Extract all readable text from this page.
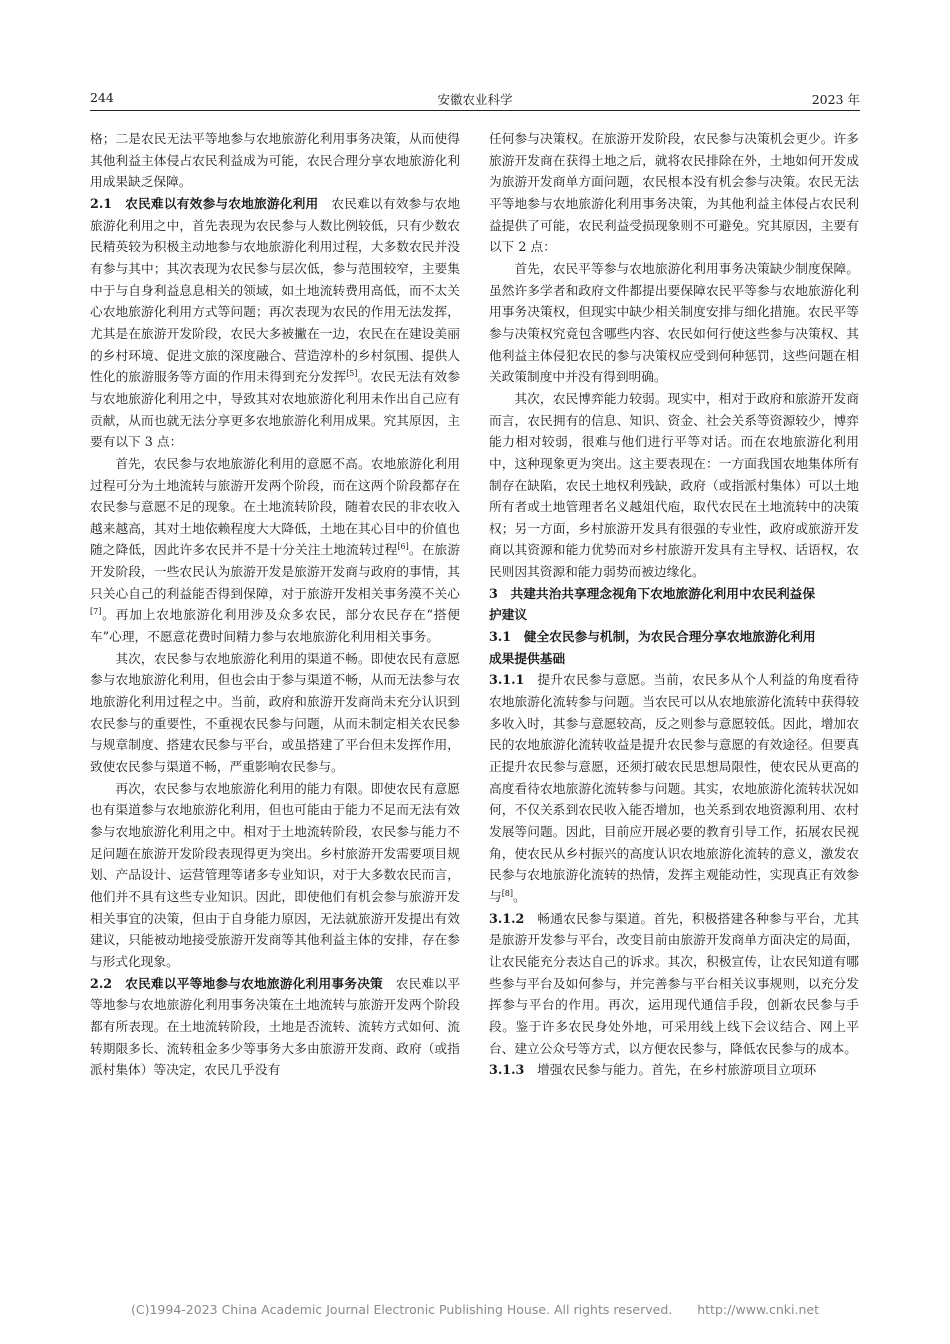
244	安徽农业科学	2023 年

格；二是农民无法平等地参与农地旅游化利用事务决策，从而使得其他利益主体侵占农民利益成为可能，农民合理分享农地旅游化利用成果缺乏保障。

2.1　农民难以有效参与农地旅游化利用　农民难以有效参与农地旅游化利用之中，首先表现为农民参与人数比例较低，只有少数农民精英较为积极主动地参与农地旅游化利用过程，大多数农民并没有参与其中；其次表现为农民参与层次低，参与范围较窄，主要集中于与自身利益息息相关的领域，如土地流转费用高低，而不太关心农地旅游化利用方式等问题；再次表现为农民的作用无法发挥，尤其是在旅游开发阶段，农民大多被撇在一边，农民在在建设美丽的乡村环境、促进文旅的深度融合、营造淳朴的乡村氛围、提供人性化的旅游服务等方面的作用未得到充分发挥[5]。农民无法有效参与农地旅游化利用之中，导致其对农地旅游化利用未作出自己应有贡献，从而也就无法分享更多农地旅游化利用成果。究其原因，主要有以下 3 点：

首先，农民参与农地旅游化利用的意愿不高。农地旅游化利用过程可分为土地流转与旅游开发两个阶段，而在这两个阶段都存在农民参与意愿不足的现象。在土地流转阶段，随着农民的非农收入越来越高，其对土地依赖程度大大降低，土地在其心目中的价值也随之降低，因此许多农民并不是十分关注土地流转过程[6]。在旅游开发阶段，一些农民认为旅游开发是旅游开发商与政府的事情，其只关心自己的利益能否得到保障，对于旅游开发相关事务漠不关心[7]。再加上农地旅游化利用涉及众多农民，部分农民存在“搭便车”心理，不愿意花费时间精力参与农地旅游化利用相关事务。

其次，农民参与农地旅游化利用的渠道不畅。即使农民有意愿参与农地旅游化利用，但也会由于参与渠道不畅，从而无法参与农地旅游化利用过程之中。当前，政府和旅游开发商尚未充分认识到农民参与的重要性，不重视农民参与问题，从而未制定相关农民参与规章制度、搭建农民参与平台，或虽搭建了平台但未发挥作用，致使农民参与渠道不畅，严重影响农民参与。

再次，农民参与农地旅游化利用的能力有限。即使农民有意愿也有渠道参与农地旅游化利用，但也可能由于能力不足而无法有效参与农地旅游化利用之中。相对于土地流转阶段，农民参与能力不足问题在旅游开发阶段表现得更为突出。乡村旅游开发需要项目规划、产品设计、运营管理等诸多专业知识，对于大多数农民而言，他们并不具有这些专业知识。因此，即使他们有机会参与旅游开发相关事宜的决策，但由于自身能力原因，无法就旅游开发提出有效建议，只能被动地接受旅游开发商等其他利益主体的安排，存在参与形式化现象。

2.2　农民难以平等地参与农地旅游化利用事务决策　农民难以平等地参与农地旅游化利用事务决策在土地流转与旅游开发两个阶段都有所表现。在土地流转阶段，土地是否流转、流转方式如何、流转期限多长、流转租金多少等事务大多由旅游开发商、政府（或指派村集体）等决定，农民几乎没有

任何参与决策权。在旅游开发阶段，农民参与决策机会更少。许多旅游开发商在获得土地之后，就将农民排除在外，土地如何开发成为旅游开发商单方面问题，农民根本没有机会参与决策。农民无法平等地参与农地旅游化利用事务决策，为其他利益主体侵占农民利益提供了可能，农民利益受损现象则不可避免。究其原因，主要有以下 2 点：

首先，农民平等参与农地旅游化利用事务决策缺少制度保障。虽然许多学者和政府文件都提出要保障农民平等参与农地旅游化利用事务决策权，但现实中缺少相关制度安排与细化措施。农民平等参与决策权究竟包含哪些内容、农民如何行使这些参与决策权、其他利益主体侵犯农民的参与决策权应受到何种惩罚，这些问题在相关政策制度中并没有得到明确。

其次，农民博弈能力较弱。现实中，相对于政府和旅游开发商而言，农民拥有的信息、知识、资金、社会关系等资源较少，博弈能力相对较弱，很难与他们进行平等对话。而在农地旅游化利用中，这种现象更为突出。这主要表现在：一方面我国农地集体所有制存在缺陷，农民土地权利残缺，政府（或指派村集体）可以土地所有者或土地管理者名义越俎代庖，取代农民在土地流转中的决策权；另一方面，乡村旅游开发具有很强的专业性，政府或旅游开发商以其资源和能力优势而对乡村旅游开发具有主导权、话语权，农民则因其资源和能力弱势而被边缘化。

3　共建共治共享理念视角下农地旅游化利用中农民利益保

护建议

3.1　健全农民参与机制，为农民合理分享农地旅游化利用

成果提供基础

3.1.1　提升农民参与意愿。当前，农民多从个人利益的角度看待农地旅游化流转参与问题。当农民可以从农地旅游化流转中获得较多收入时，其参与意愿较高，反之则参与意愿较低。因此，增加农民的农地旅游化流转收益是提升农民参与意愿的有效途径。但要真正提升农民参与意愿，还须打破农民思想局限性，使农民从更高的高度看待农地旅游化流转参与问题。其实，农地旅游化流转状况如何，不仅关系到农民收入能否增加，也关系到农地资源利用、农村发展等问题。因此，目前应开展必要的教育引导工作，拓展农民视角，使农民从乡村振兴的高度认识农地旅游化流转的意义，激发农民参与农地旅游化流转的热情，发挥主观能动性，实现真正有效参与[8]。

3.1.2　畅通农民参与渠道。首先，积极搭建各种参与平台，尤其是旅游开发参与平台，改变目前由旅游开发商单方面决定的局面，让农民能充分表达自己的诉求。其次，积极宣传，让农民知道有哪些参与平台及如何参与，并完善参与平台相关议事规则，以充分发挥参与平台的作用。再次，运用现代通信手段，创新农民参与手段。鉴于许多农民身处外地，可采用线上线下会议结合、网上平台、建立公众号等方式，以方便农民参与，降低农民参与的成本。

3.1.3　增强农民参与能力。首先，在乡村旅游项目立项环

(C)1994-2023 China Academic Journal Electronic Publishing House. All rights reserved.　　http://www.cnki.net
